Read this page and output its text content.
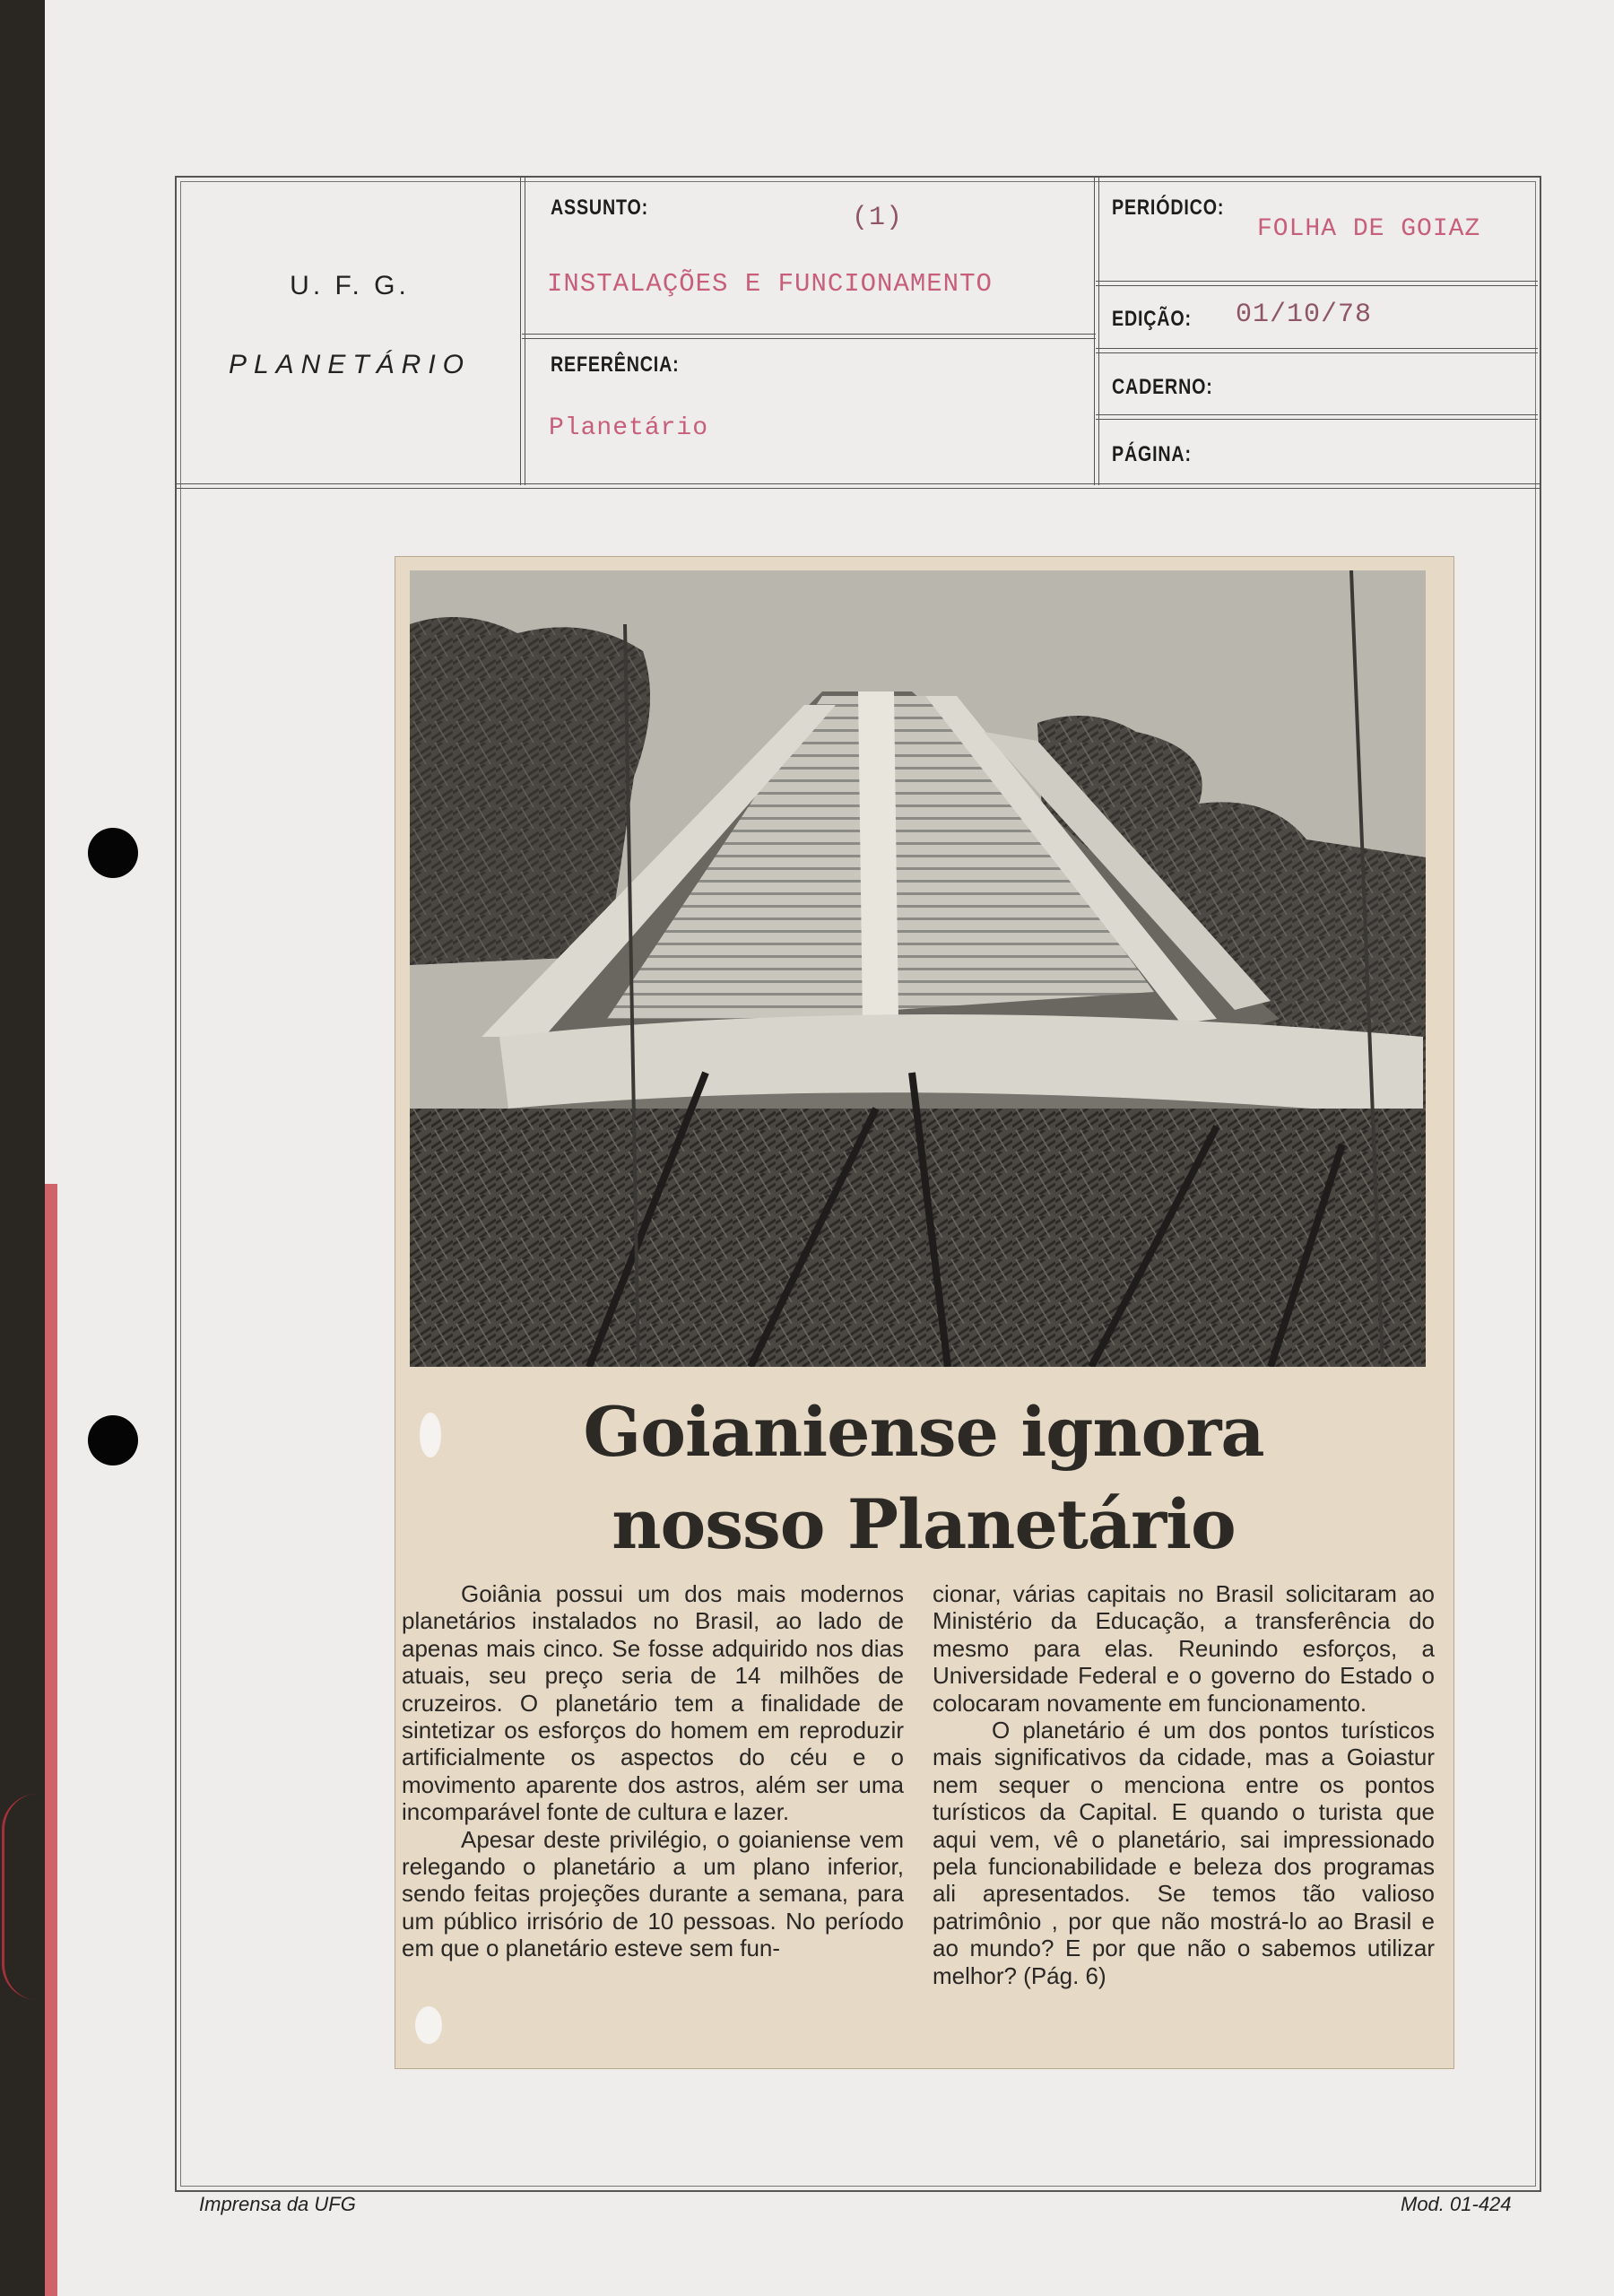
U. F. G.
PLANETÁRIO
ASSUNTO:	(1)
INSTALAÇÕES E FUNCIONAMENTO
REFERÊNCIA:
Planetário
PERIÓDICO:
FOLHA DE GOIAZ
EDIÇÃO: 01/10/78
CADERNO:
PÁGINA:
Goianiense ignora
nosso Planetário

Goiânia possui um dos mais modernos planetários instalados no Brasil, ao lado de apenas mais cinco. Se fosse adquirido nos dias atuais, seu preço seria de 14 milhões de cruzeiros. O planetário tem a finalidade de sintetizar os esforços do homem em reproduzir artificialmente os aspectos do céu e o movimento aparente dos astros, além ser uma incomparável fonte de cultura e lazer.

Apesar deste privilégio, o goianiense vem relegando o planetário a um plano inferior, sendo feitas projeções durante a semana, para um público irrisório de 10 pessoas. No período em que o planetário esteve sem fun-

cionar, várias capitais no Brasil solicitaram ao Ministério da Educação, a transferência do mesmo para elas. Reunindo esforços, a Universidade Federal e o governo do Estado o colocaram novamente em funcionamento.

O planetário é um dos pontos turísticos mais significativos da cidade, mas a Goiastur nem sequer o menciona entre os pontos turísticos da Capital. E quando o turista que aqui vem, vê o planetário, sai impressionado pela funcionabilidade e beleza dos programas ali apresentados. Se temos tão valioso patrimônio , por que não mostrá-lo ao Brasil e ao mundo? E por que não o sabemos utilizar melhor? (Pág. 6)

Imprensa da UFG	Mod. 01-424
